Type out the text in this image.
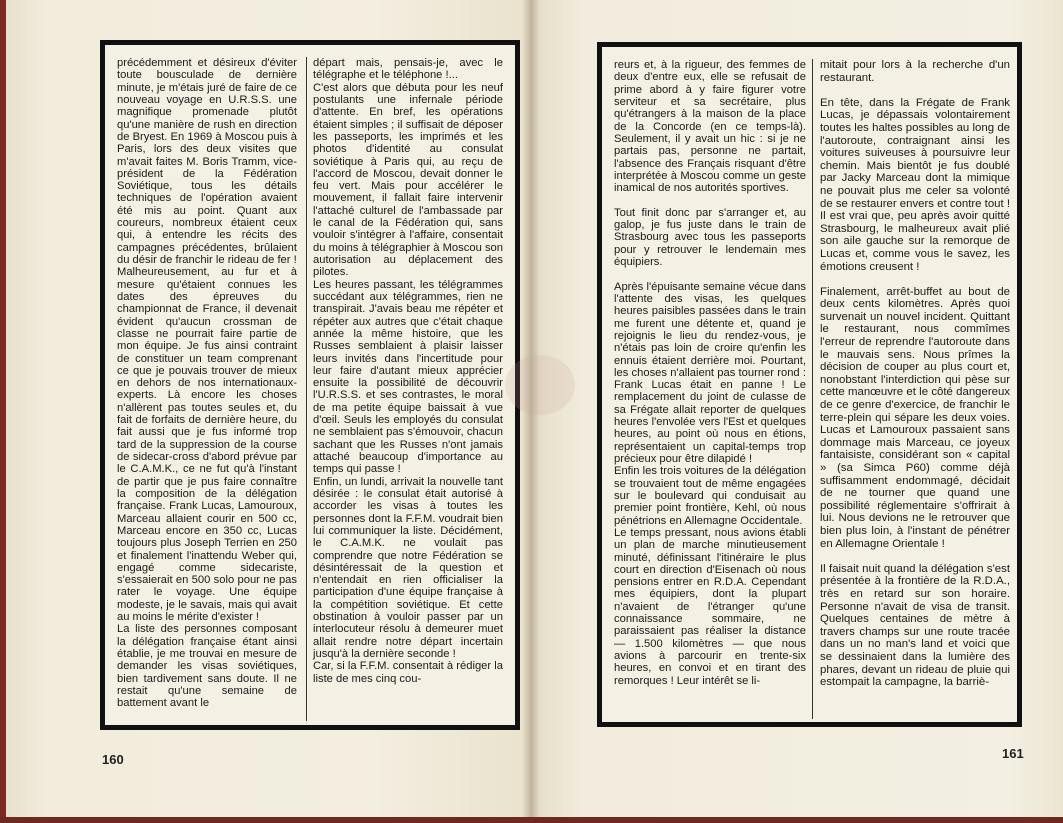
précédemment et désireux d'éviter toute bousculade de dernière minute, je m'étais juré de faire de ce nouveau voyage en U.R.S.S. une magnifique promenade plutôt qu'une manière de rush en direction de Bryest. En 1969 à Moscou puis à Paris, lors des deux visites que m'avait faites M. Boris Tramm, vice-président de la Fédération Soviétique, tous les détails techniques de l'opération avaient été mis au point. Quant aux coureurs, nombreux étaient ceux qui, à entendre les récits des campagnes précédentes, brûlaient du désir de franchir le rideau de fer !
Malheureusement, au fur et à mesure qu'étaient connues les dates des épreuves du championnat de France, il devenait évident qu'aucun crossman de classe ne pourrait faire partie de mon équipe. Je fus ainsi contraint de constituer un team comprenant ce que je pouvais trouver de mieux en dehors de nos internationaux-experts. Là encore les choses n'allèrent pas toutes seules et, du fait de forfaits de dernière heure, du fait aussi que je fus informé trop tard de la suppression de la course de sidecar-cross d'abord prévue par le C.A.M.K., ce ne fut qu'à l'instant de partir que je pus faire connaître la composition de la délégation française. Frank Lucas, Lamouroux, Marceau allaient courir en 500 cc, Marceau encore en 350 cc, Lucas toujours plus Joseph Terrien en 250 et finalement l'inattendu Weber qui, engagé comme sidecariste, s'essaierait en 500 solo pour ne pas rater le voyage. Une équipe modeste, je le savais, mais qui avait au moins le mérite d'exister !
La liste des personnes composant la délégation française étant ainsi établie, je me trouvai en mesure de demander les visas soviétiques, bien tardivement sans doute. Il ne restait qu'une semaine de battement avant le
départ mais, pensais-je, avec le télégraphe et le téléphone !...
C'est alors que débuta pour les neuf postulants une infernale période d'attente. En bref, les opérations étaient simples ; il suffisait de déposer les passeports, les imprimés et les photos d'identité au consulat soviétique à Paris qui, au reçu de l'accord de Moscou, devait donner le feu vert. Mais pour accélérer le mouvement, il fallait faire intervenir l'attaché culturel de l'ambassade par le canal de la Fédération qui, sans vouloir s'intégrer à l'affaire, consentait du moins à télégraphier à Moscou son autorisation au déplacement des pilotes.
Les heures passant, les télégrammes succédant aux télégrammes, rien ne transpirait. J'avais beau me répéter et répéter aux autres que c'était chaque année la même histoire, que les Russes semblaient à plaisir laisser leurs invités dans l'incertitude pour leur faire d'autant mieux apprécier ensuite la possibilité de découvrir l'U.R.S.S. et ses contrastes, le moral de ma petite équipe baissait à vue d'œil. Seuls les employés du consulat ne semblaient pas s'émouvoir, chacun sachant que les Russes n'ont jamais attaché beaucoup d'importance au temps qui passe !
Enfin, un lundi, arrivait la nouvelle tant désirée : le consulat était autorisé à accorder les visas à toutes les personnes dont la F.F.M. voudrait bien lui communiquer la liste. Décidément, le C.A.M.K. ne voulait pas comprendre que notre Fédération se désintéressait de la question et n'entendait en rien officialiser la participation d'une équipe française à la compétition soviétique. Et cette obstination à vouloir passer par un interlocuteur résolu à demeurer muet allait rendre notre départ incertain jusqu'à la dernière seconde !
Car, si la F.F.M. consentait à rédiger la liste de mes cinq cou-
160
reurs et, à la rigueur, des femmes de deux d'entre eux, elle se refusait de prime abord à y faire figurer votre serviteur et sa secrétaire, plus qu'étrangers à la maison de la place de la Concorde (en ce temps-là). Seulement, il y avait un hic : si je ne partais pas, personne ne partait, l'absence des Français risquant d'être interprétée à Moscou comme un geste inamical de nos autorités sportives.

Tout finit donc par s'arranger et, au galop, je fus juste dans le train de Strasbourg avec tous les passeports pour y retrouver le lendemain mes équipiers.

Après l'épuisante semaine vécue dans l'attente des visas, les quelques heures paisibles passées dans le train me furent une détente et, quand je rejoignis le lieu du rendez-vous, je n'étais pas loin de croire qu'enfin les ennuis étaient derrière moi. Pourtant, les choses n'allaient pas tourner rond : Frank Lucas était en panne ! Le remplacement du joint de culasse de sa Frégate allait reporter de quelques heures l'envolée vers l'Est et quelques heures, au point où nous en étions, représentaient un capital-temps trop précieux pour être dilapidé !
Enfin les trois voitures de la délégation se trouvaient tout de même engagées sur le boulevard qui conduisait au premier point frontière, Kehl, où nous pénétrions en Allemagne Occidentale.
Le temps pressant, nous avions établi un plan de marche minutieusement minuté, définissant l'itinéraire le plus court en direction d'Eisenach où nous pensions entrer en R.D.A. Cependant mes équipiers, dont la plupart n'avaient de l'étranger qu'une connaissance sommaire, ne paraissaient pas réaliser la distance — 1.500 kilomètres — que nous avions à parcourir en trente-six heures, en convoi et en tirant des remorques ! Leur intérêt se li-
mitait pour lors à la recherche d'un restaurant.

En tête, dans la Frégate de Frank Lucas, je dépassais volontairement toutes les haltes possibles au long de l'autoroute, contraignant ainsi les voitures suiveuses à poursuivre leur chemin. Mais bientôt je fus doublé par Jacky Marceau dont la mimique ne pouvait plus me celer sa volonté de se restaurer envers et contre tout ! Il est vrai que, peu après avoir quitté Strasbourg, le malheureux avait plié son aile gauche sur la remorque de Lucas et, comme vous le savez, les émotions creusent !

Finalement, arrêt-buffet au bout de deux cents kilomètres. Après quoi survenait un nouvel incident. Quittant le restaurant, nous commîmes l'erreur de reprendre l'autoroute dans le mauvais sens. Nous prîmes la décision de couper au plus court et, nonobstant l'interdiction qui pèse sur cette manœuvre et le côté dangereux de ce genre d'exercice, de franchir le terre-plein qui sépare les deux voies. Lucas et Lamouroux passaient sans dommage mais Marceau, ce joyeux fantaisiste, considérant son « capital » (sa Simca P60) comme déjà suffisamment endommagé, décidait de ne tourner que quand une possibilité réglementaire s'offrirait à lui. Nous devions ne le retrouver que bien plus loin, à l'instant de pénétrer en Allemagne Orientale !

Il faisait nuit quand la délégation s'est présentée à la frontière de la R.D.A., très en retard sur son horaire. Personne n'avait de visa de transit. Quelques centaines de mètre à travers champs sur une route tracée dans un no man's land et voici que se dessinaient dans la lumière des phares, devant un rideau de pluie qui estompait la campagne, la barriè-
161
